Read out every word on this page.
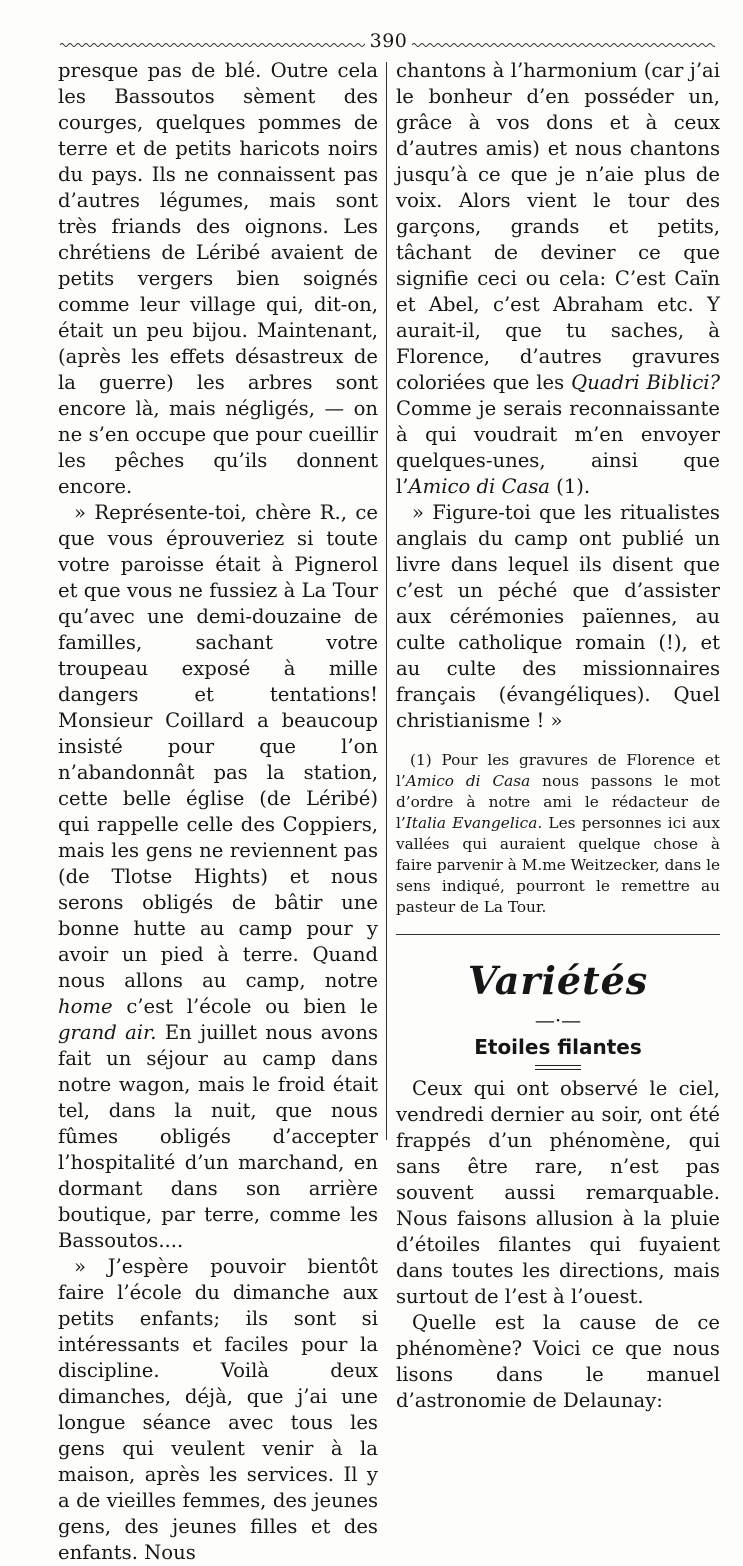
390

presque pas de blé. Outre cela les Bassoutos sèment des courges, quelques pommes de terre et de petits haricots noirs du pays. Ils ne connaissent pas d’autres légumes, mais sont très friands des oignons. Les chrétiens de Léribé avaient de petits vergers bien soignés comme leur village qui, dit-on, était un peu bijou. Maintenant, (après les effets désastreux de la guerre) les arbres sont encore là, mais négligés, — on ne s’en occupe que pour cueillir les pêches qu’ils donnent encore.

» Représente-toi, chère R., ce que vous éprouveriez si toute votre paroisse était à Pignerol et que vous ne fussiez à La Tour qu’avec une demi-douzaine de familles, sachant votre troupeau exposé à mille dangers et tentations! Monsieur Coillard a beaucoup insisté pour que l’on n’abandonnât pas la station, cette belle église (de Léribé) qui rappelle celle des Coppiers, mais les gens ne reviennent pas (de Tlotse Hights) et nous serons obligés de bâtir une bonne hutte au camp pour y avoir un pied à terre. Quand nous allons au camp, notre home c’est l’école ou bien le grand air. En juillet nous avons fait un séjour au camp dans notre wagon, mais le froid était tel, dans la nuit, que nous fûmes obligés d’accepter l’hospitalité d’un marchand, en dormant dans son arrière boutique, par terre, comme les Bassoutos....

» J’espère pouvoir bientôt faire l’école du dimanche aux petits enfants; ils sont si intéressants et faciles pour la discipline. Voilà deux dimanches, déjà, que j’ai une longue séance avec tous les gens qui veulent venir à la maison, après les services. Il y a de vieilles femmes, des jeunes gens, des jeunes filles et des enfants. Nous

chantons à l’harmonium (car j’ai le bonheur d’en posséder un, grâce à vos dons et à ceux d’autres amis) et nous chantons jusqu’à ce que je n’aie plus de voix. Alors vient le tour des garçons, grands et petits, tâchant de deviner ce que signifie ceci ou cela: C’est Caïn et Abel, c’est Abraham etc. Y aurait-il, que tu saches, à Florence, d’autres gravures coloriées que les Quadri Biblici? Comme je serais reconnaissante à qui voudrait m’en envoyer quelques-unes, ainsi que l’Amico di Casa (1).

» Figure-toi que les ritualistes anglais du camp ont publié un livre dans lequel ils disent que c’est un péché que d’assister aux cérémonies païennes, au culte catholique romain (!), et au culte des missionnaires français (évangéliques). Quel christianisme ! »

(1) Pour les gravures de Florence et l’Amico di Casa nous passons le mot d’ordre à notre ami le rédacteur de l’Italia Evangelica. Les personnes ici aux vallées qui auraient quelque chose à faire parvenir à M.me Weitzecker, dans le sens indiqué, pourront le remettre au pasteur de La Tour.

Variétés
—·—
Etoiles filantes

Ceux qui ont observé le ciel, vendredi dernier au soir, ont été frappés d’un phénomène, qui sans être rare, n’est pas souvent aussi remarquable. Nous faisons allusion à la pluie d’étoiles filantes qui fuyaient dans toutes les directions, mais surtout de l’est à l’ouest.

Quelle est la cause de ce phénomène? Voici ce que nous lisons dans le manuel d’astronomie de Delaunay:
